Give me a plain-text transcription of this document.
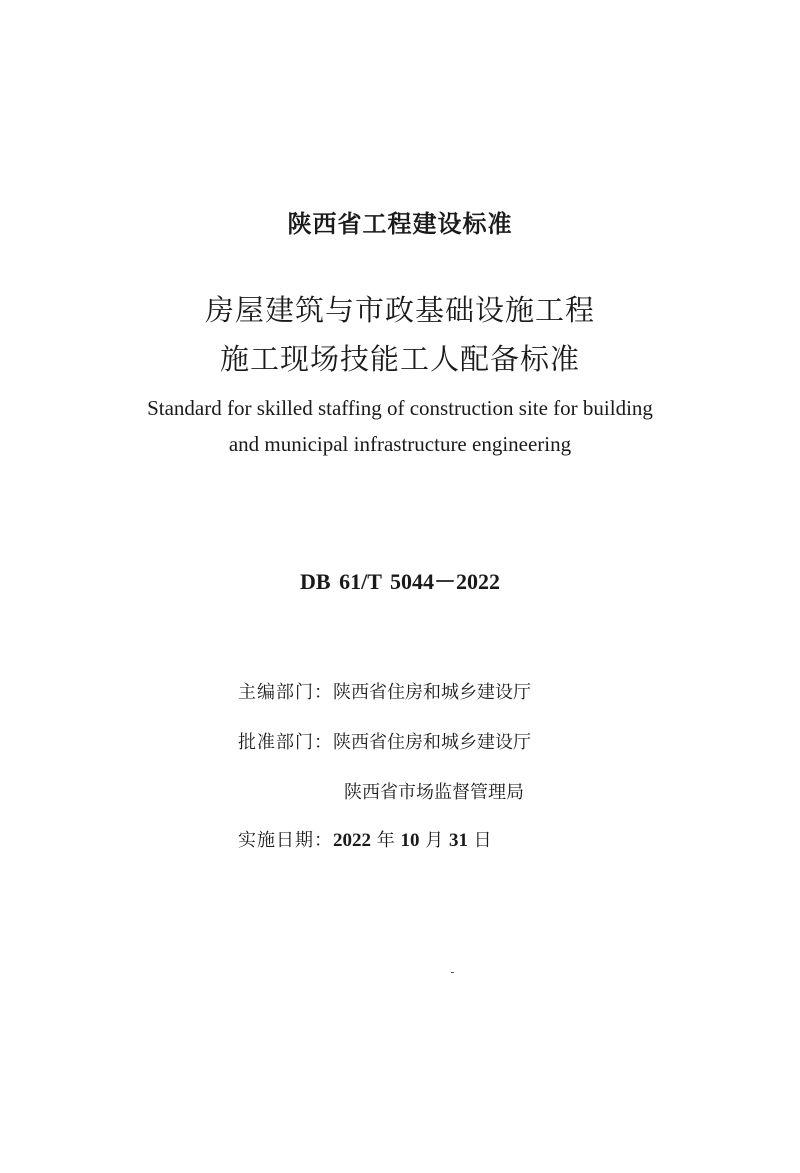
陕西省工程建设标准
房屋建筑与市政基础设施工程
施工现场技能工人配备标准
Standard for skilled staffing of construction site for building
and municipal infrastructure engineering
DB 61/T 5044－2022
主编部门：陕西省住房和城乡建设厅
批准部门：陕西省住房和城乡建设厅
陕西省市场监督管理局
实施日期：2022 年 10 月 31 日
